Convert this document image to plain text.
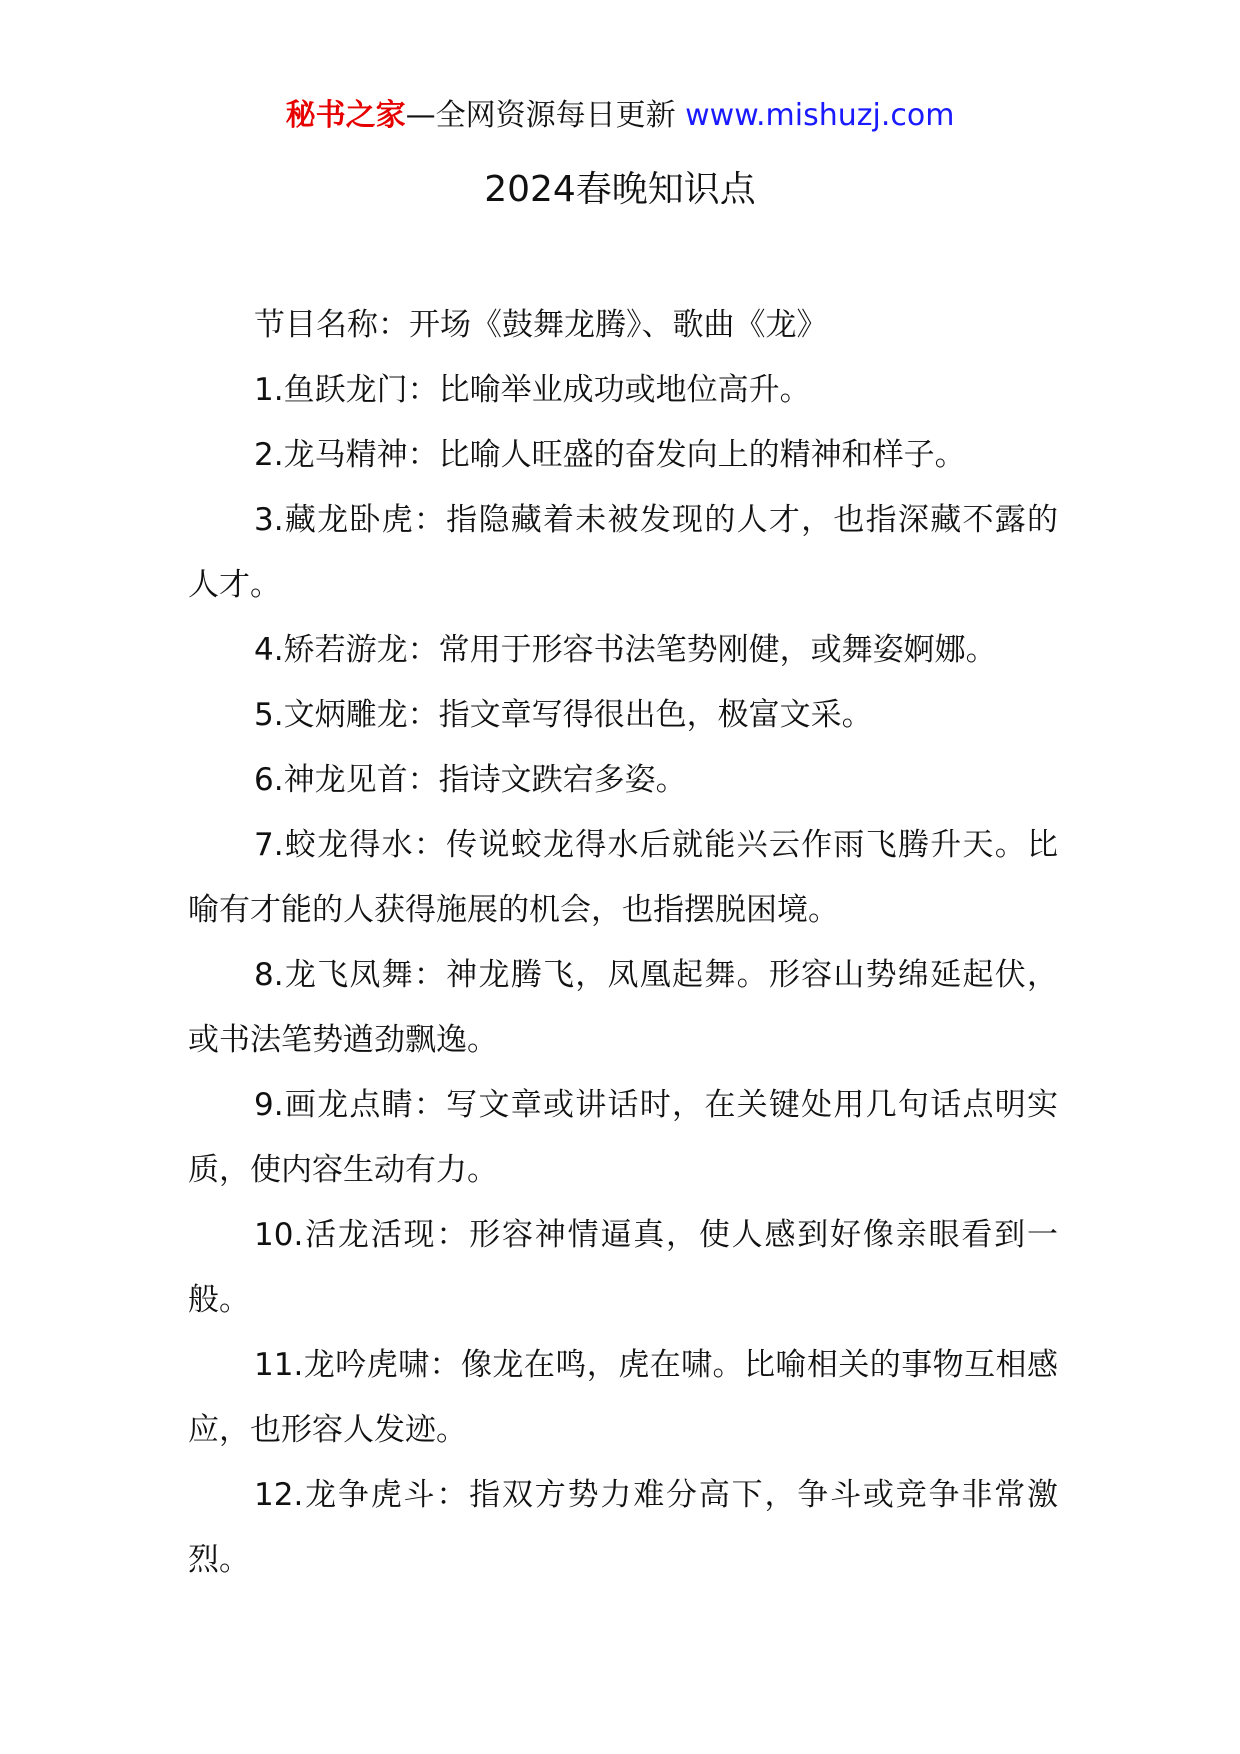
秘书之家—全网资源每日更新 www.mishuzj.com
2024春晚知识点

节目名称：开场《鼓舞龙腾》、歌曲《龙》

1.鱼跃龙门：比喻举业成功或地位高升。

2.龙马精神：比喻人旺盛的奋发向上的精神和样子。

3.藏龙卧虎：指隐藏着未被发现的人才，也指深藏不露的人才。

4.矫若游龙：常用于形容书法笔势刚健，或舞姿婀娜。

5.文炳雕龙：指文章写得很出色，极富文采。

6.神龙见首：指诗文跌宕多姿。

7.蛟龙得水：传说蛟龙得水后就能兴云作雨飞腾升天。比喻有才能的人获得施展的机会，也指摆脱困境。

8.龙飞凤舞：神龙腾飞，凤凰起舞。形容山势绵延起伏，或书法笔势遒劲飘逸。

9.画龙点睛：写文章或讲话时，在关键处用几句话点明实质，使内容生动有力。

10.活龙活现：形容神情逼真，使人感到好像亲眼看到一般。

11.龙吟虎啸：像龙在鸣，虎在啸。比喻相关的事物互相感应，也形容人发迹。

12.龙争虎斗：指双方势力难分高下，争斗或竞争非常激烈。
